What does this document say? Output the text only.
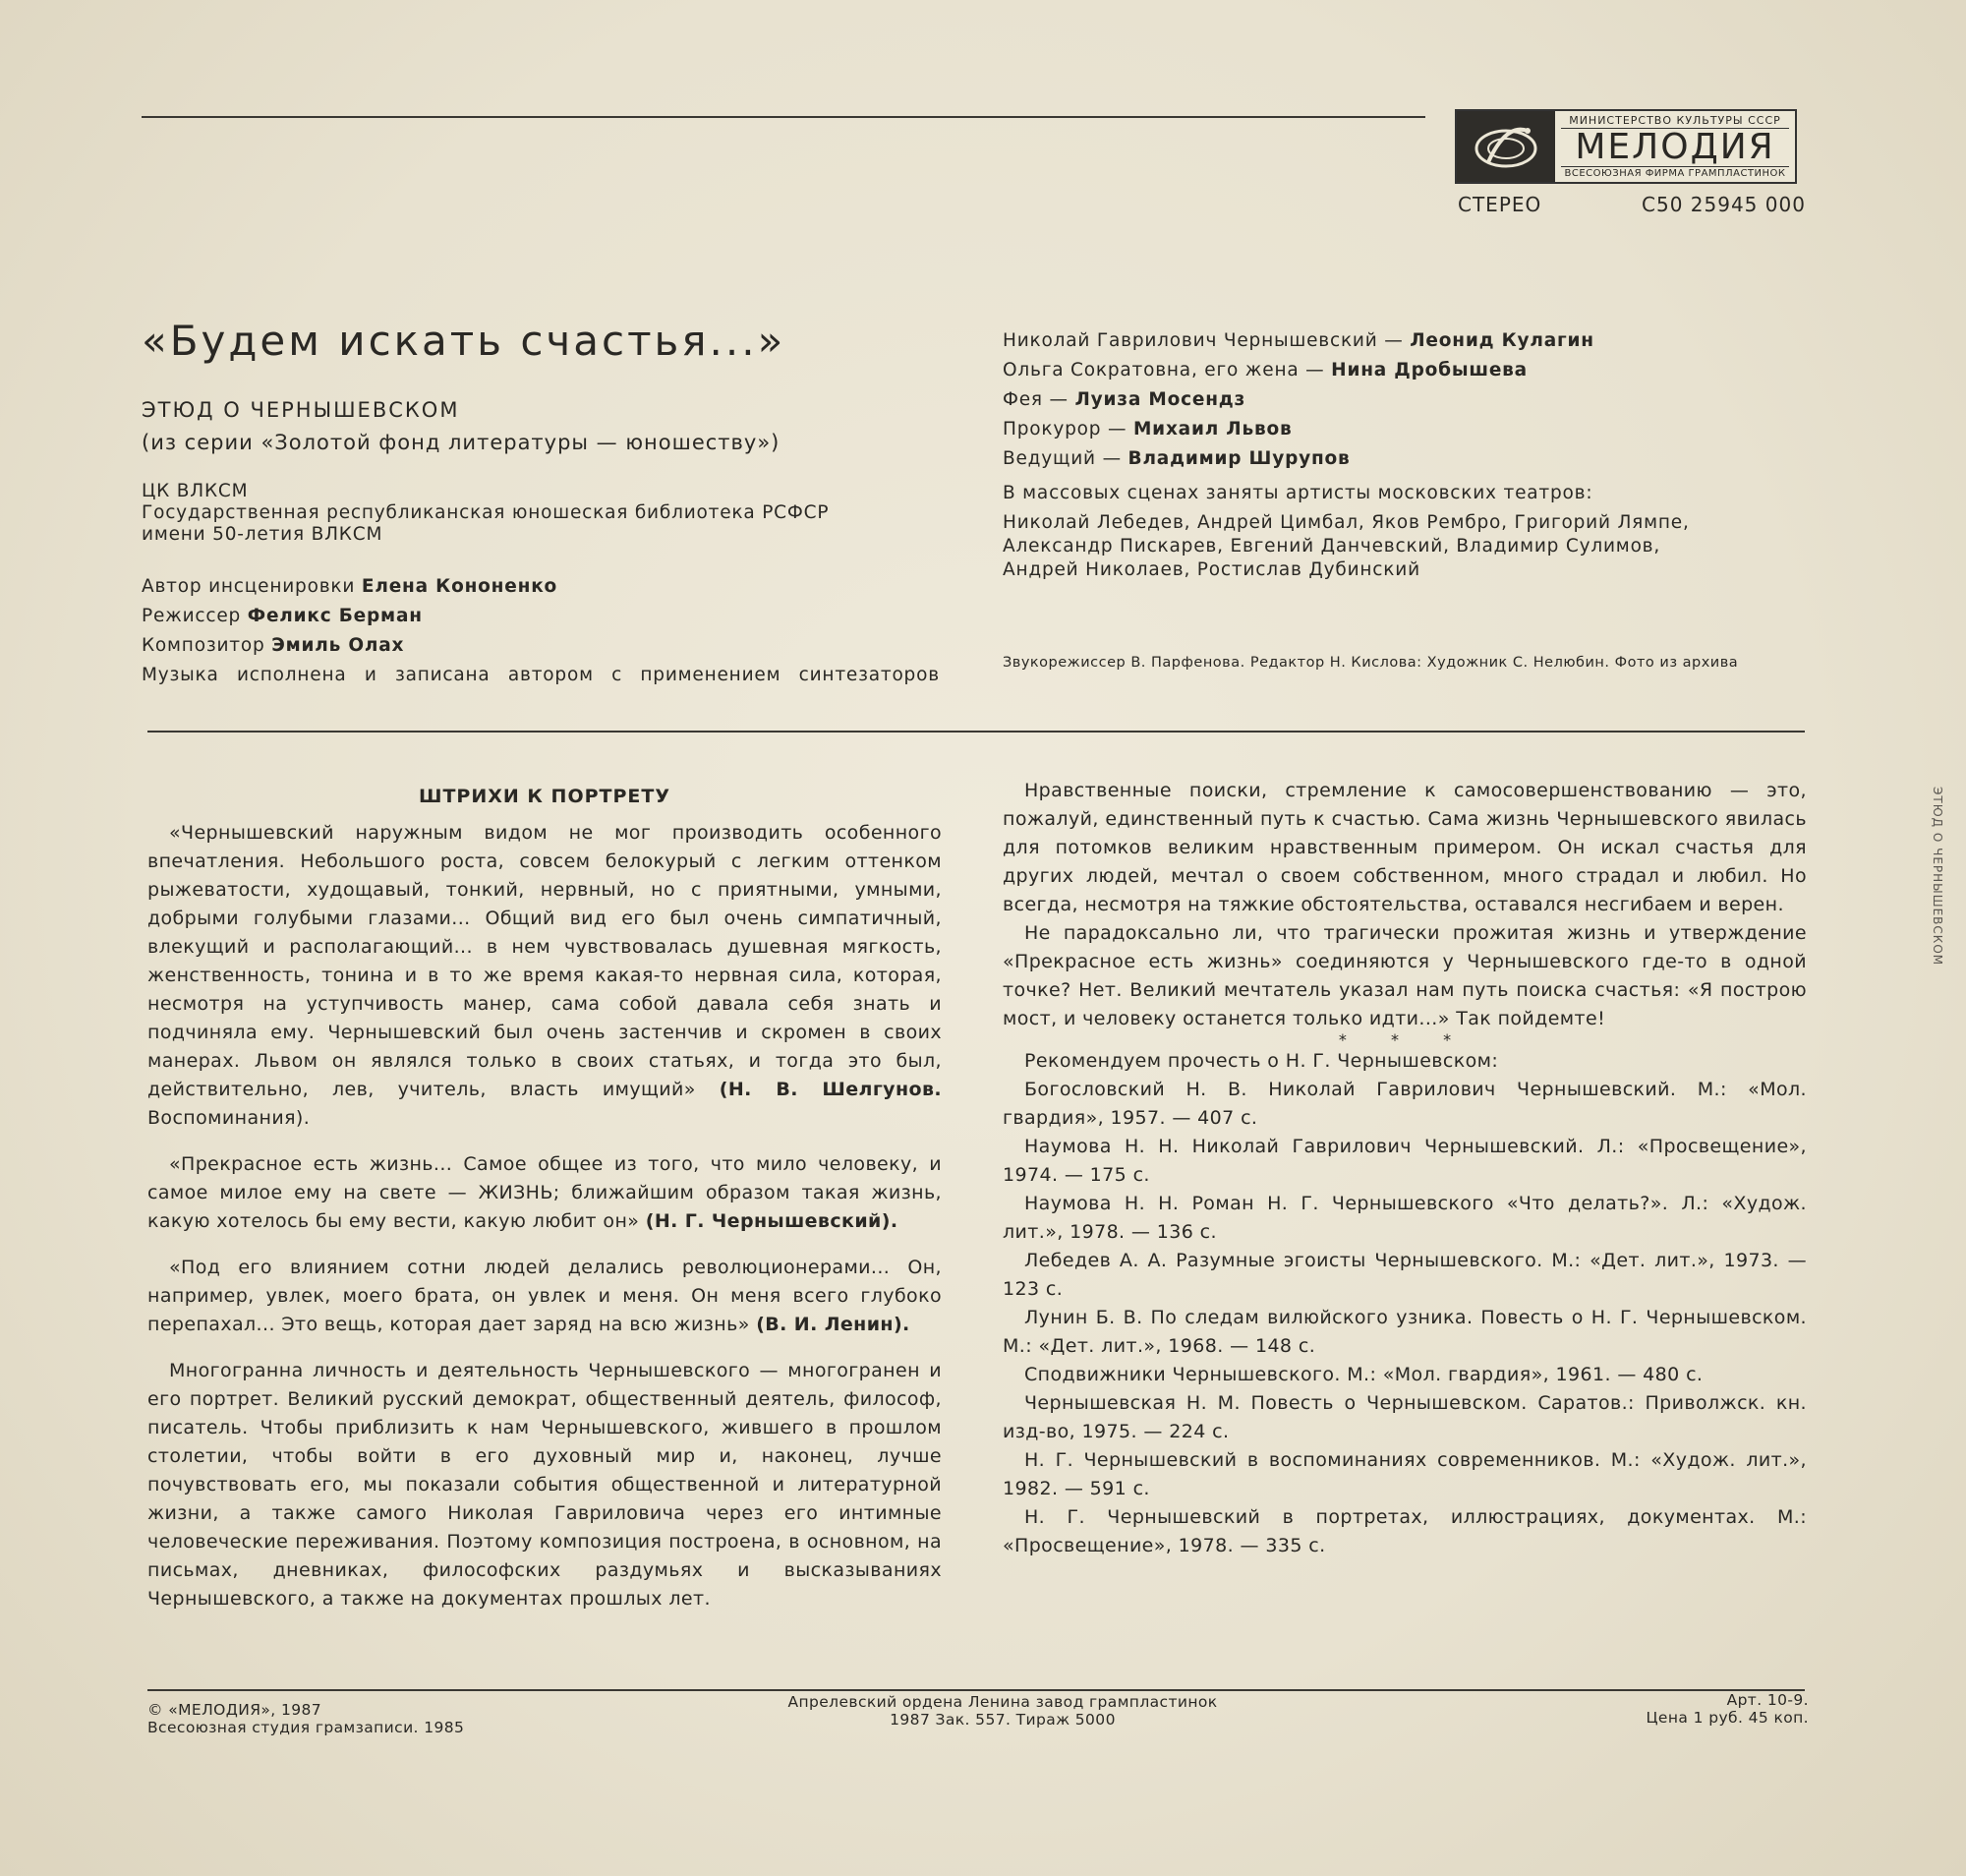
МИНИСТЕРСТВО КУЛЬТУРЫ СССР
МЕЛОДИЯ
ВСЕСОЮЗНАЯ ФИРМА ГРАМПЛАСТИНОК
СТЕРЕО	С50 25945 000
«Будем искать счастья...»
ЭТЮД О ЧЕРНЫШЕВСКОМ
(из серии «Золотой фонд литературы — юношеству»)
ЦК ВЛКСМ
Государственная республиканская юношеская библиотека РСФСР
имени 50-летия ВЛКСМ
Автор инсценировки Елена Кононенко
Режиссер Феликс Берман
Композитор Эмиль Олах
Музыка исполнена и записана автором с применением синтезаторов
Николай Гаврилович Чернышевский — Леонид Кулагин
Ольга Сократовна, его жена — Нина Дробышева
Фея — Луиза Мосендз
Прокурор — Михаил Львов
Ведущий — Владимир Шурупов
В массовых сценах заняты артисты московских театров:
Николай Лебедев, Андрей Цимбал, Яков Рембро, Григорий Лямпе,
Александр Пискарев, Евгений Данчевский, Владимир Сулимов,
Андрей Николаев, Ростислав Дубинский
Звукорежиссер В. Парфенова. Редактор Н. Кислова: Художник С. Нелюбин. Фото из архива

ШТРИХИ К ПОРТРЕТУ

«Чернышевский наружным видом не мог производить особенного впечатления. Небольшого роста, совсем белокурый с легким оттенком рыжеватости, худощавый, тонкий, нервный, но с приятными, умными, добрыми голубыми глазами... Общий вид его был очень симпатичный, влекущий и располагающий... в нем чувствовалась душевная мягкость, женственность, тонина и в то же время какая-то нервная сила, которая, несмотря на уступчивость манер, сама собой давала себя знать и подчиняла ему. Чернышевский был очень застенчив и скромен в своих манерах. Львом он являлся только в своих статьях, и тогда это был, действительно, лев, учитель, власть имущий» (Н. В. Шелгунов. Воспоминания).

«Прекрасное есть жизнь... Самое общее из того, что мило человеку, и самое милое ему на свете — ЖИЗНЬ; ближайшим образом такая жизнь, какую хотелось бы ему вести, какую любит он» (Н. Г. Чернышевский).

«Под его влиянием сотни людей делались революционерами... Он, например, увлек, моего брата, он увлек и меня. Он меня всего глубоко перепахал... Это вещь, которая дает заряд на всю жизнь» (В. И. Ленин).

Многогранна личность и деятельность Чернышевского — многогранен и его портрет. Великий русский демократ, общественный деятель, философ, писатель. Чтобы приблизить к нам Чернышевского, жившего в прошлом столетии, чтобы войти в его духовный мир и, наконец, лучше почувствовать его, мы показали события общественной и литературной жизни, а также самого Николая Гавриловича через его интимные человеческие переживания. Поэтому композиция построена, в основном, на письмах, дневниках, философских раздумьях и высказываниях Чернышевского, а также на документах прошлых лет.

Нравственные поиски, стремление к самосовершенствованию — это, пожалуй, единственный путь к счастью. Сама жизнь Чернышевского явилась для потомков великим нравственным примером. Он искал счастья для других людей, мечтал о своем собственном, много страдал и любил. Но всегда, несмотря на тяжкие обстоятельства, оставался несгибаем и верен.

Не парадоксально ли, что трагически прожитая жизнь и утверждение «Прекрасное есть жизнь» соединяются у Чернышевского где-то в одной точке? Нет. Великий мечтатель указал нам путь поиска счастья: «Я построю мост, и человеку останется только идти...» Так пойдемте!

* * *

Рекомендуем прочесть о Н. Г. Чернышевском:

Богословский Н. В. Николай Гаврилович Чернышевский. М.: «Мол. гвардия», 1957. — 407 с.

Наумова Н. Н. Николай Гаврилович Чернышевский. Л.: «Просвещение», 1974. — 175 с.

Наумова Н. Н. Роман Н. Г. Чернышевского «Что делать?». Л.: «Худож. лит.», 1978. — 136 с.

Лебедев А. А. Разумные эгоисты Чернышевского. М.: «Дет. лит.», 1973. — 123 с.

Лунин Б. В. По следам вилюйского узника. Повесть о Н. Г. Чернышевском. М.: «Дет. лит.», 1968. — 148 с.

Сподвижники Чернышевского. М.: «Мол. гвардия», 1961. — 480 с.

Чернышевская Н. М. Повесть о Чернышевском. Саратов.: Приволжск. кн. изд-во, 1975. — 224 с.

Н. Г. Чернышевский в воспоминаниях современников. М.: «Худож. лит.», 1982. — 591 с.

Н. Г. Чернышевский в портретах, иллюстрациях, документах. М.: «Просвещение», 1978. — 335 с.

© «МЕЛОДИЯ», 1987
Всесоюзная студия грамзаписи. 1985
Апрелевский ордена Ленина завод грампластинок
1987 Зак. 557. Тираж 5000
Арт. 10-9.
Цена 1 руб. 45 коп.
ЭТЮД О ЧЕРНЫШЕВСКОМ
